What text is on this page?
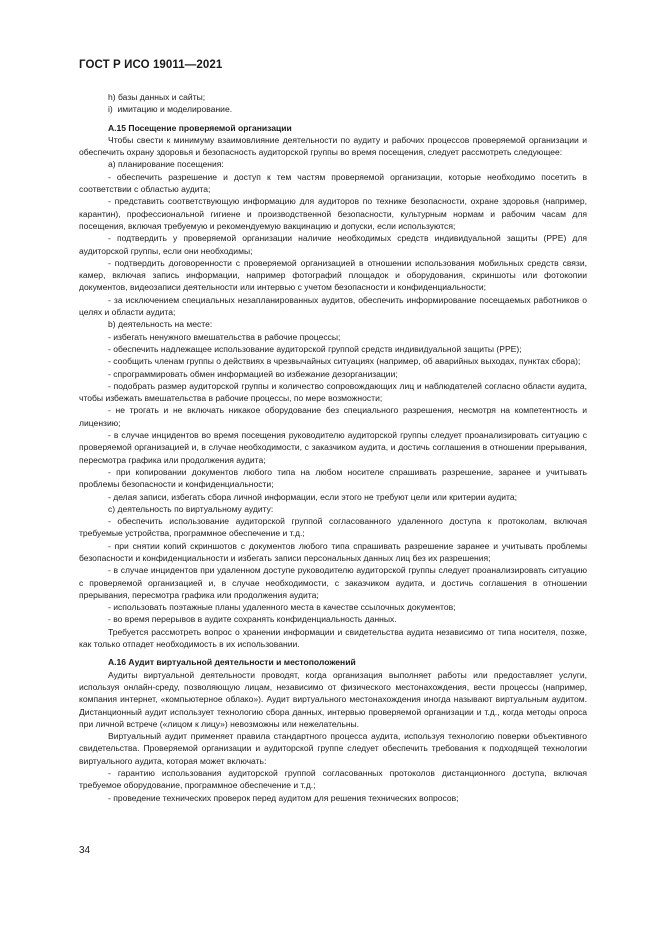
ГОСТ Р ИСО 19011—2021

h) базы данных и сайты;

i)  имитацию и моделирование.

А.15 Посещение проверяемой организации

Чтобы свести к минимуму взаимовлияние деятельности по аудиту и рабочих процессов проверяемой организации и обеспечить охрану здоровья и безопасность аудиторской группы во время посещения, следует рассмотреть следующее:

a) планирование посещения:

- обеспечить разрешение и доступ к тем частям проверяемой организации, которые необходимо посетить в соответствии с областью аудита;

- представить соответствующую информацию для аудиторов по технике безопасности, охране здоровья (например, карантин), профессиональной гигиене и производственной безопасности, культурным нормам и рабочим часам для посещения, включая требуемую и рекомендуемую вакцинацию и допуски, если используются;

- подтвердить у проверяемой организации наличие необходимых средств индивидуальной защиты (PPE) для аудиторской группы, если они необходимы;

- подтвердить договоренности с проверяемой организацией в отношении использования мобильных средств связи, камер, включая запись информации, например фотографий площадок и оборудования, скриншоты или фотокопии документов, видеозаписи деятельности или интервью с учетом безопасности и конфиденциальности;

- за исключением специальных незапланированных аудитов, обеспечить информирование посещаемых работников о целях и области аудита;

b) деятельность на месте:

- избегать ненужного вмешательства в рабочие процессы;

- обеспечить надлежащее использование аудиторской группой средств индивидуальной защиты (PPE);

- сообщить членам группы о действиях в чрезвычайных ситуациях (например, об аварийных выходах, пунктах сбора);

- спрограммировать обмен информацией во избежание дезорганизации;

- подобрать размер аудиторской группы и количество сопровождающих лиц и наблюдателей согласно области аудита, чтобы избежать вмешательства в рабочие процессы, по мере возможности;

- не трогать и не включать никакое оборудование без специального разрешения, несмотря на компетентность и лицензию;

- в случае инцидентов во время посещения руководителю аудиторской группы следует проанализировать ситуацию с проверяемой организацией и, в случае необходимости, с заказчиком аудита, и достичь соглашения в отношении прерывания, пересмотра графика или продолжения аудита;

- при копировании документов любого типа на любом носителе спрашивать разрешение, заранее и учитывать проблемы безопасности и конфиденциальности;

- делая записи, избегать сбора личной информации, если этого не требуют цели или критерии аудита;

c) деятельность по виртуальному аудиту:

- обеспечить использование аудиторской группой согласованного удаленного доступа к протоколам, включая требуемые устройства, программное обеспечение и т.д.;

- при снятии копий скриншотов с документов любого типа спрашивать разрешение заранее и учитывать проблемы безопасности и конфиденциальности и избегать записи персональных данных лиц без их разрешения;

- в случае инцидентов при удаленном доступе руководителю аудиторской группы следует проанализировать ситуацию с проверяемой организацией и, в случае необходимости, с заказчиком аудита, и достичь соглашения в отношении прерывания, пересмотра графика или продолжения аудита;

- использовать поэтажные планы удаленного места в качестве ссылочных документов;

- во время перерывов в аудите сохранять конфиденциальность данных.

Требуется рассмотреть вопрос о хранении информации и свидетельства аудита независимо от типа носителя, позже, как только отпадет необходимость в их использовании.

А.16 Аудит виртуальной деятельности и местоположений

Аудиты виртуальной деятельности проводят, когда организация выполняет работы или предоставляет услуги, используя онлайн-среду, позволяющую лицам, независимо от физического местонахождения, вести процессы (например, компания интернет, «компьютерное облако»). Аудит виртуального местонахождения иногда называют виртуальным аудитом. Дистанционный аудит использует технологию сбора данных, интервью проверяемой организации и т.д., когда методы опроса при личной встрече («лицом к лицу») невозможны или нежелательны.

Виртуальный аудит применяет правила стандартного процесса аудита, используя технологию поверки объективного свидетельства. Проверяемой организации и аудиторской группе следует обеспечить требования к подходящей технологии виртуального аудита, которая может включать:

- гарантию использования аудиторской группой согласованных протоколов дистанционного доступа, включая требуемое оборудование, программное обеспечение и т.д.;

- проведение технических проверок перед аудитом для решения технических вопросов;

34
